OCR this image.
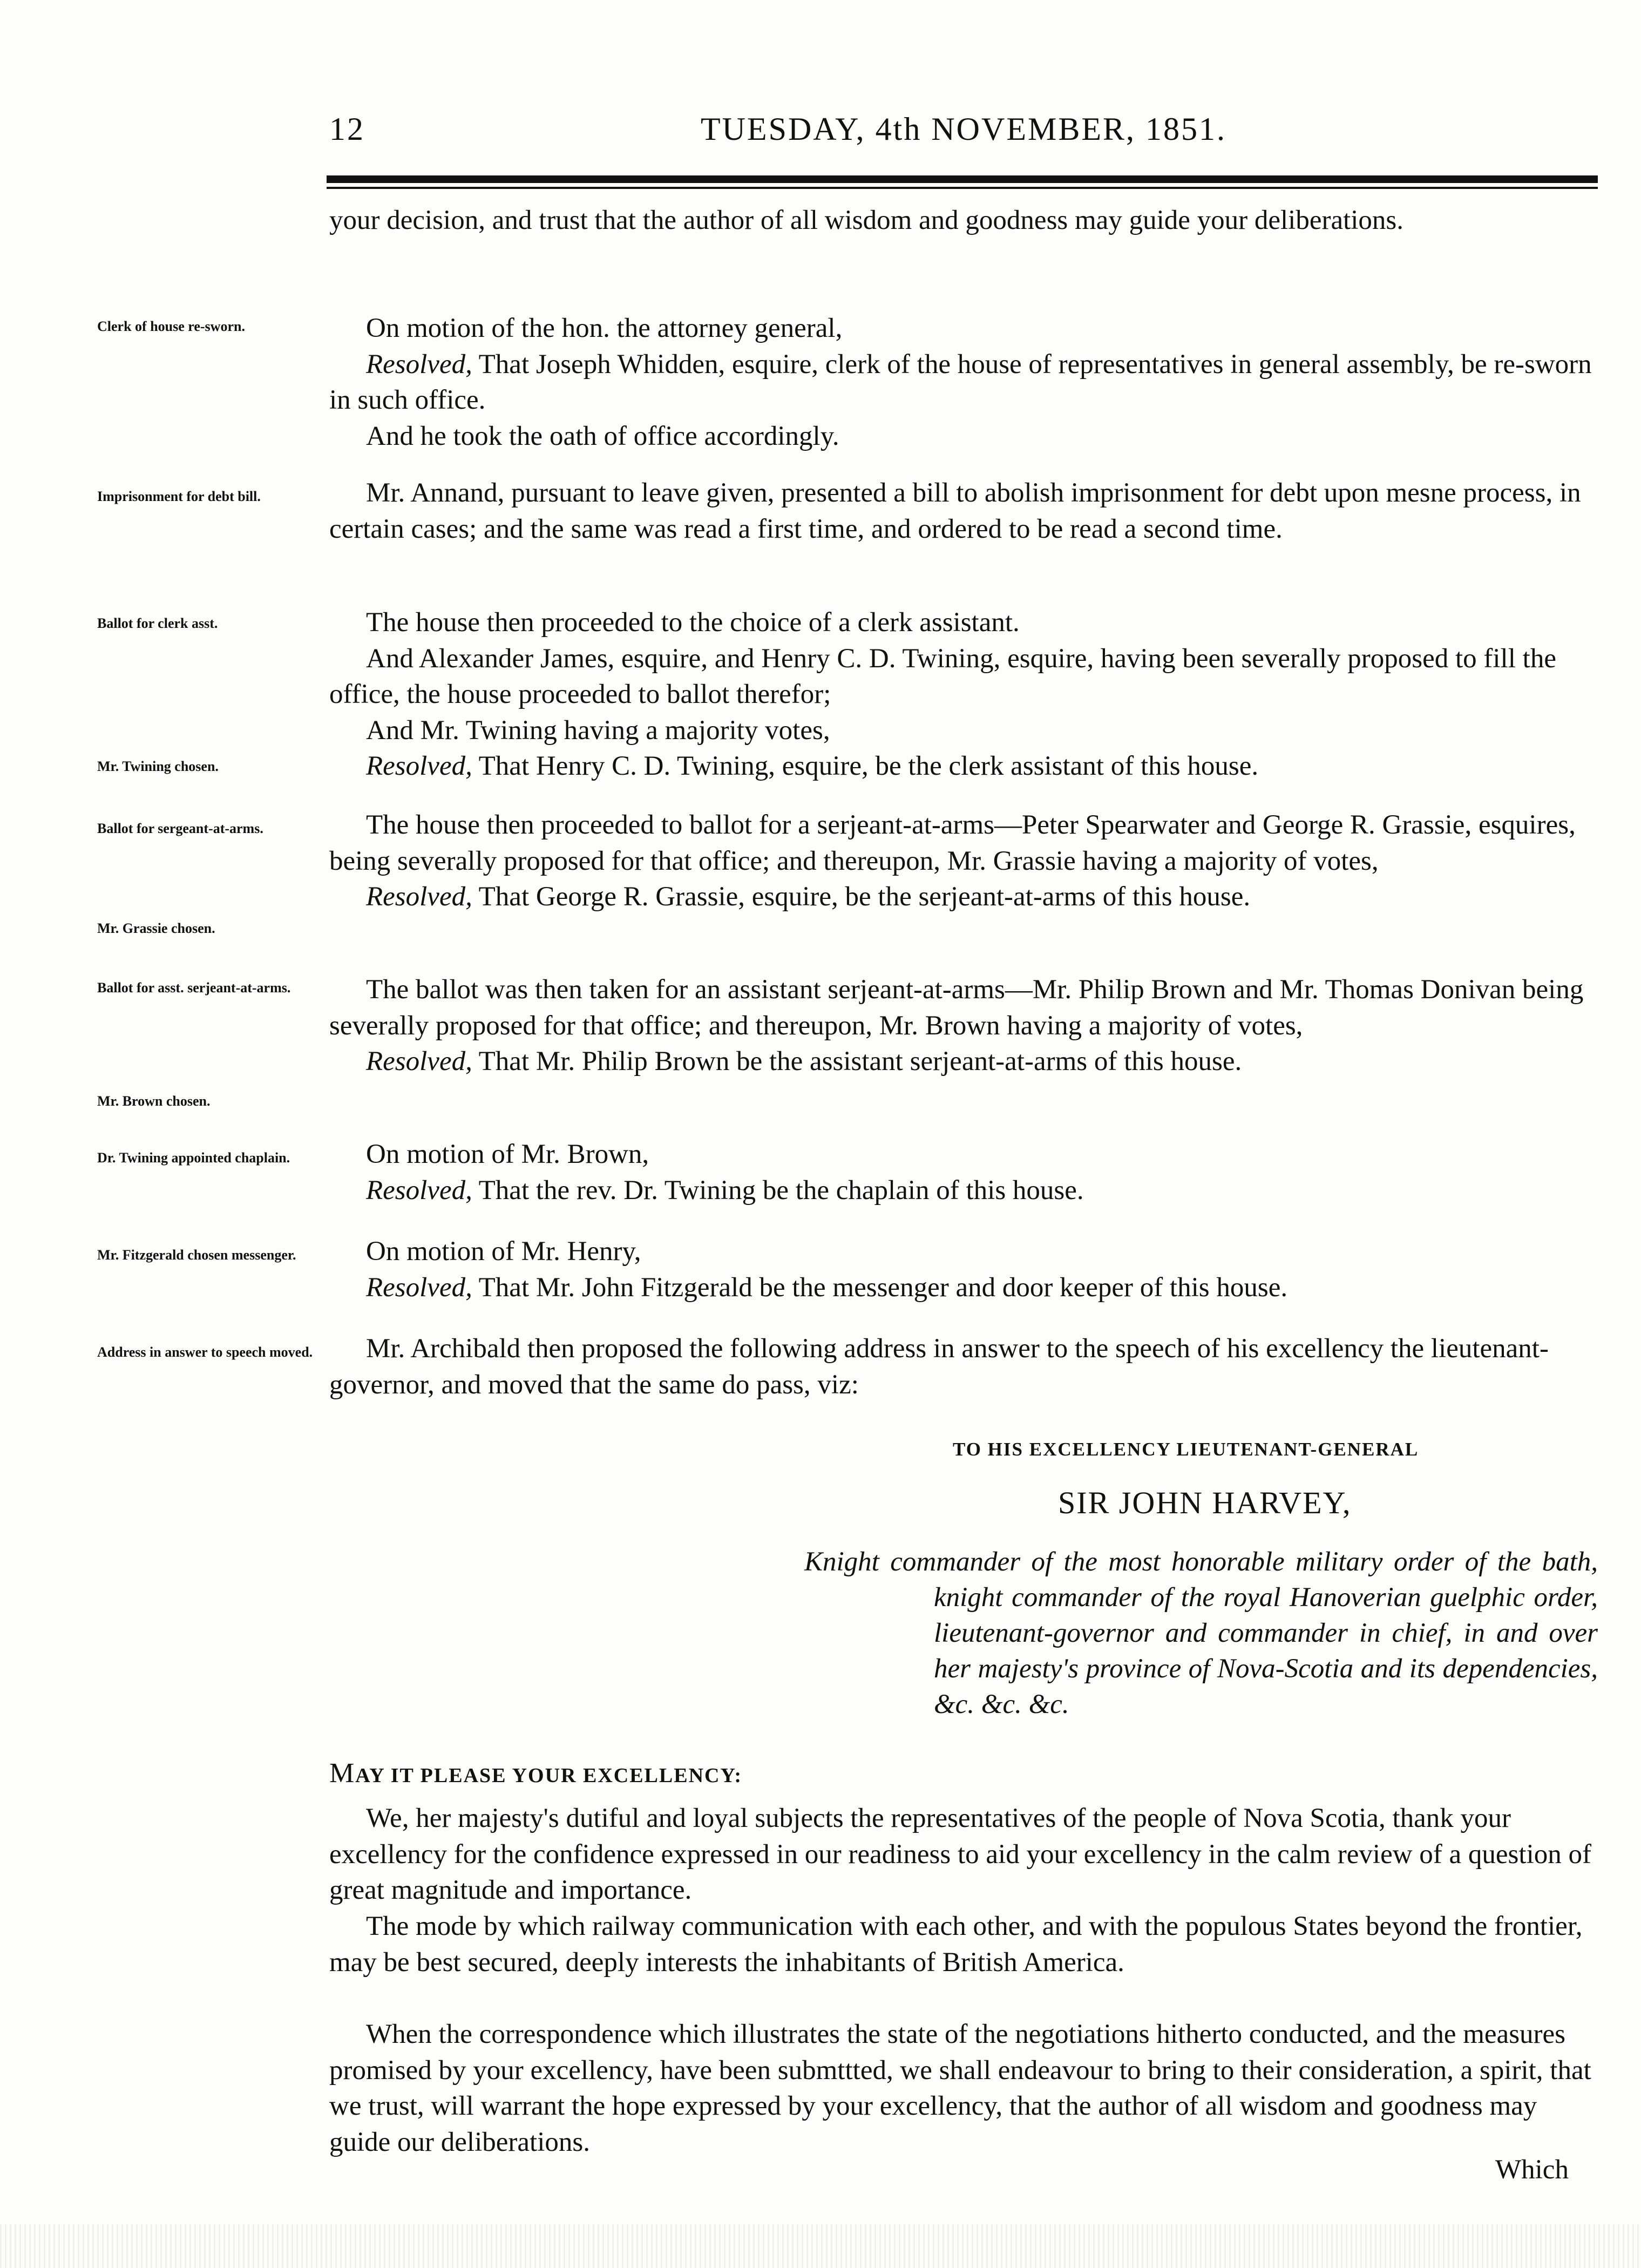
12	TUESDAY, 4th NOVEMBER, 1851.
Clerk of house re-sworn.
Imprisonment for debt bill.
Ballot for clerk asst.
Mr. Twining chosen.
Ballot for sergeant-at-arms.
Mr. Grassie chosen.
Ballot for asst. serjeant-at-arms.
Mr. Brown chosen.
Dr. Twining appointed chaplain.
Mr. Fitzgerald chosen messenger.
Address in answer to speech moved.

your decision, and trust that the author of all wisdom and goodness may guide your deliberations.

On motion of the hon. the attorney general,

Resolved, That Joseph Whidden, esquire, clerk of the house of representatives in general assembly, be re-sworn in such office.

And he took the oath of office accordingly.

Mr. Annand, pursuant to leave given, presented a bill to abolish imprisonment for debt upon mesne process, in certain cases; and the same was read a first time, and ordered to be read a second time.

The house then proceeded to the choice of a clerk assistant.

And Alexander James, esquire, and Henry C. D. Twining, esquire, having been severally proposed to fill the office, the house proceeded to ballot therefor;

And Mr. Twining having a majority votes,

Resolved, That Henry C. D. Twining, esquire, be the clerk assistant of this house.

The house then proceeded to ballot for a serjeant-at-arms—Peter Spearwater and George R. Grassie, esquires, being severally proposed for that office; and thereupon, Mr. Grassie having a majority of votes,

Resolved, That George R. Grassie, esquire, be the serjeant-at-arms of this house.

The ballot was then taken for an assistant serjeant-at-arms—Mr. Philip Brown and Mr. Thomas Donivan being severally proposed for that office; and thereupon, Mr. Brown having a majority of votes,

Resolved, That Mr. Philip Brown be the assistant serjeant-at-arms of this house.

On motion of Mr. Brown,

Resolved, That the rev. Dr. Twining be the chaplain of this house.

On motion of Mr. Henry,

Resolved, That Mr. John Fitzgerald be the messenger and door keeper of this house.

Mr. Archibald then proposed the following address in answer to the speech of his excellency the lieutenant-governor, and moved that the same do pass, viz:

TO HIS EXCELLENCY LIEUTENANT-GENERAL
SIR JOHN HARVEY,
Knight commander of the most honorable military order of the bath, knight commander of the royal Hanoverian guelphic order, lieutenant-governor and commander in chief, in and over her majesty's province of Nova-Scotia and its dependencies, &c. &c. &c.
MAY IT PLEASE YOUR EXCELLENCY:

We, her majesty's dutiful and loyal subjects the representatives of the people of Nova Scotia, thank your excellency for the confidence expressed in our readiness to aid your excellency in the calm review of a question of great magnitude and importance.

The mode by which railway communication with each other, and with the populous States beyond the frontier, may be best secured, deeply interests the inhabitants of British America.

When the correspondence which illustrates the state of the negotiations hitherto conducted, and the measures promised by your excellency, have been submttted, we shall endeavour to bring to their consideration, a spirit, that we trust, will warrant the hope expressed by your excellency, that the author of all wisdom and goodness may guide our deliberations.

Which
